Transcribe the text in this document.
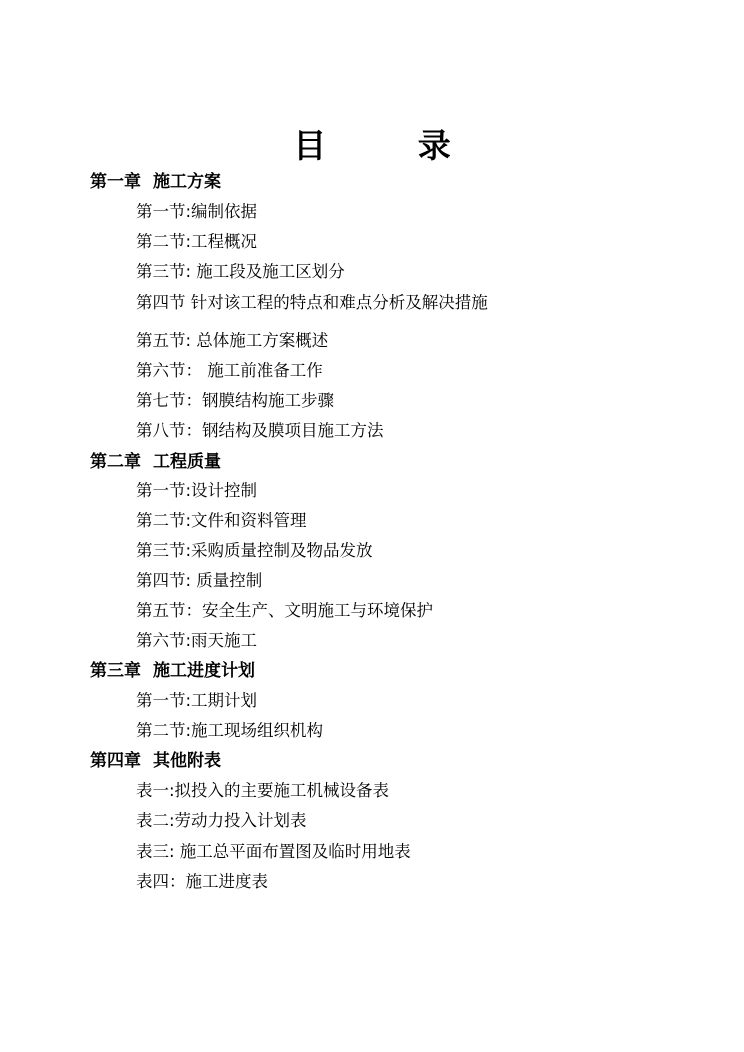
目 录
第一章 施工方案
第一节:编制依据
第二节:工程概况
第三节: 施工段及施工区划分
第四节 针对该工程的特点和难点分析及解决措施
第五节: 总体施工方案概述
第六节： 施工前准备工作
第七节：钢膜结构施工步骤
第八节：钢结构及膜项目施工方法
第二章 工程质量
第一节:设计控制
第二节:文件和资料管理
第三节:采购质量控制及物品发放
第四节: 质量控制
第五节：安全生产、文明施工与环境保护
第六节:雨天施工
第三章 施工进度计划
第一节:工期计划
第二节:施工现场组织机构
第四章 其他附表
表一:拟投入的主要施工机械设备表
表二:劳动力投入计划表
表三: 施工总平面布置图及临时用地表
表四：施工进度表
